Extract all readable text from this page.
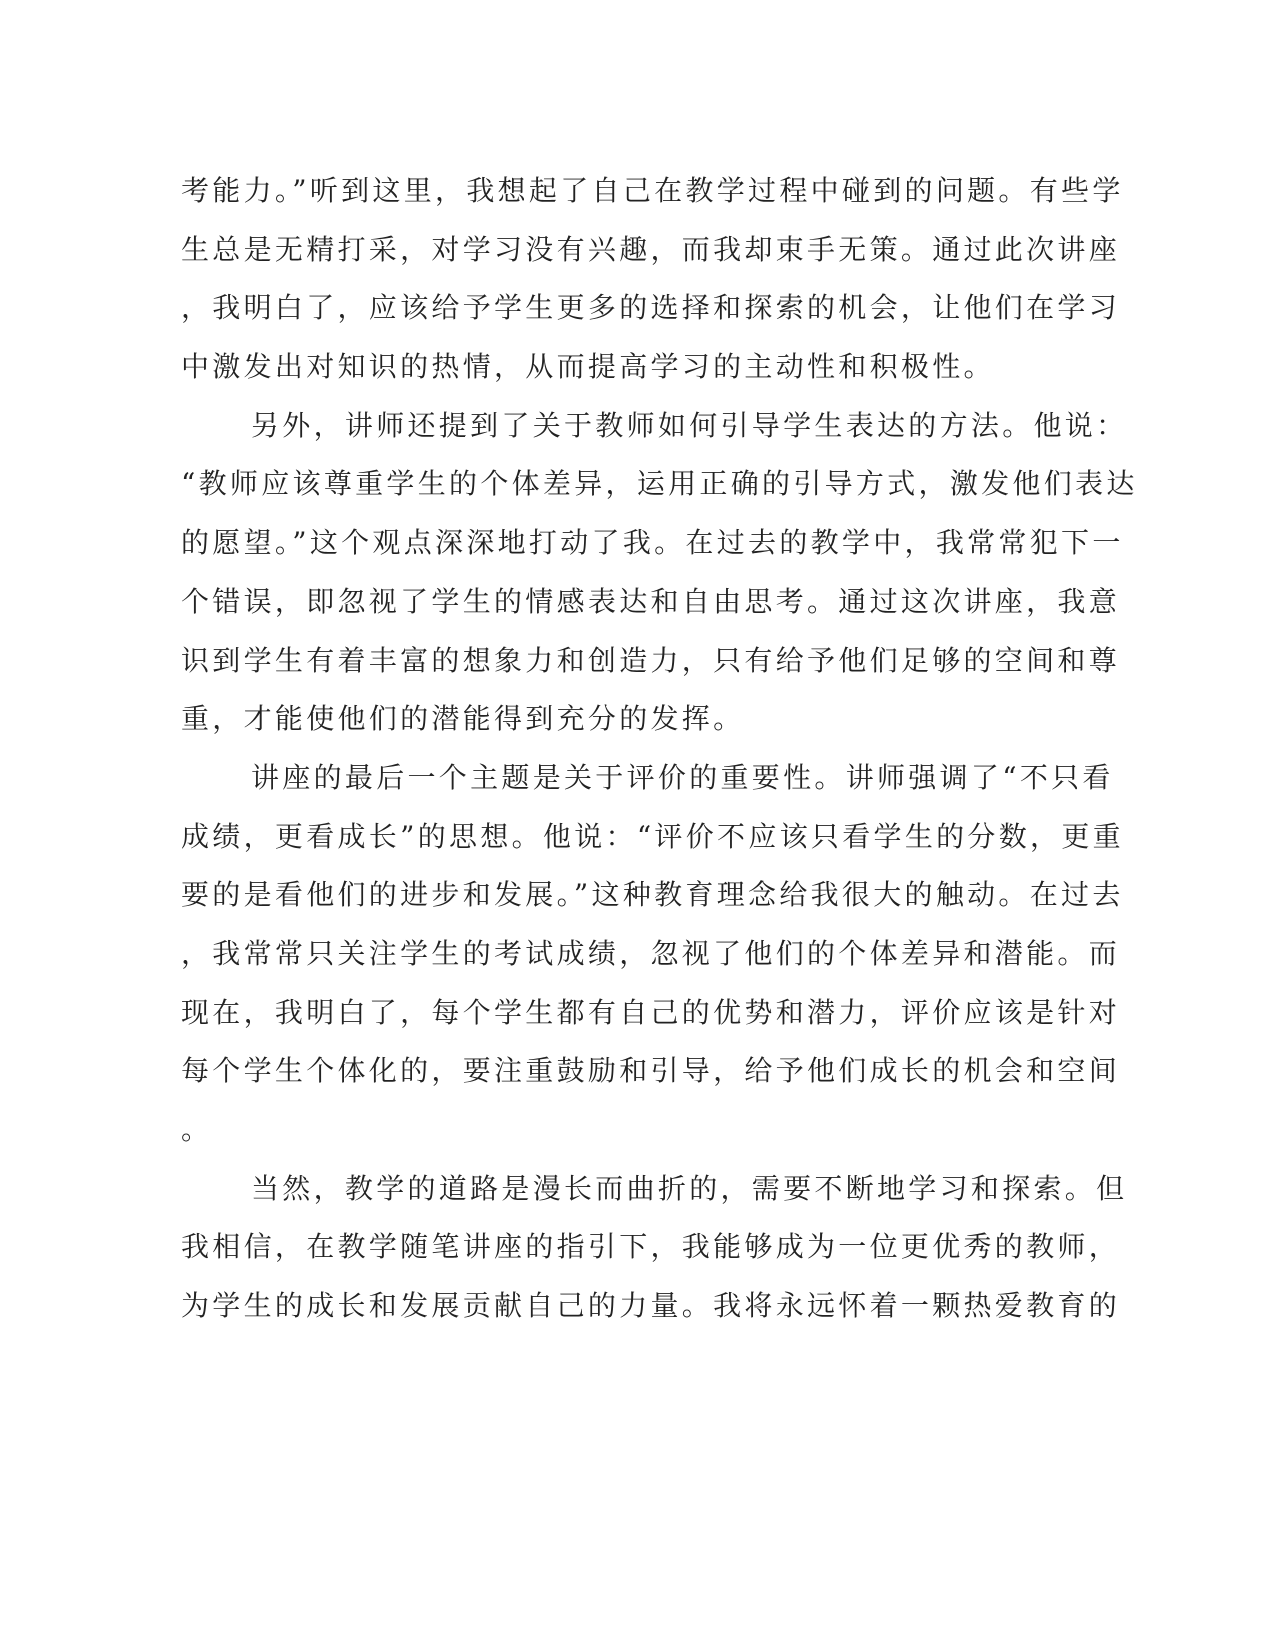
考能力。”听到这里，我想起了自己在教学过程中碰到的问题。有些学
生总是无精打采，对学习没有兴趣，而我却束手无策。通过此次讲座
，我明白了，应该给予学生更多的选择和探索的机会，让他们在学习
中激发出对知识的热情，从而提高学习的主动性和积极性。
另外，讲师还提到了关于教师如何引导学生表达的方法。他说：
“教师应该尊重学生的个体差异，运用正确的引导方式，激发他们表达
的愿望。”这个观点深深地打动了我。在过去的教学中，我常常犯下一
个错误，即忽视了学生的情感表达和自由思考。通过这次讲座，我意
识到学生有着丰富的想象力和创造力，只有给予他们足够的空间和尊
重，才能使他们的潜能得到充分的发挥。
讲座的最后一个主题是关于评价的重要性。讲师强调了“不只看
成绩，更看成长”的思想。他说：“评价不应该只看学生的分数，更重
要的是看他们的进步和发展。”这种教育理念给我很大的触动。在过去
，我常常只关注学生的考试成绩，忽视了他们的个体差异和潜能。而
现在，我明白了，每个学生都有自己的优势和潜力，评价应该是针对
每个学生个体化的，要注重鼓励和引导，给予他们成长的机会和空间
。
当然，教学的道路是漫长而曲折的，需要不断地学习和探索。但
我相信，在教学随笔讲座的指引下，我能够成为一位更优秀的教师，
为学生的成长和发展贡献自己的力量。我将永远怀着一颗热爱教育的
